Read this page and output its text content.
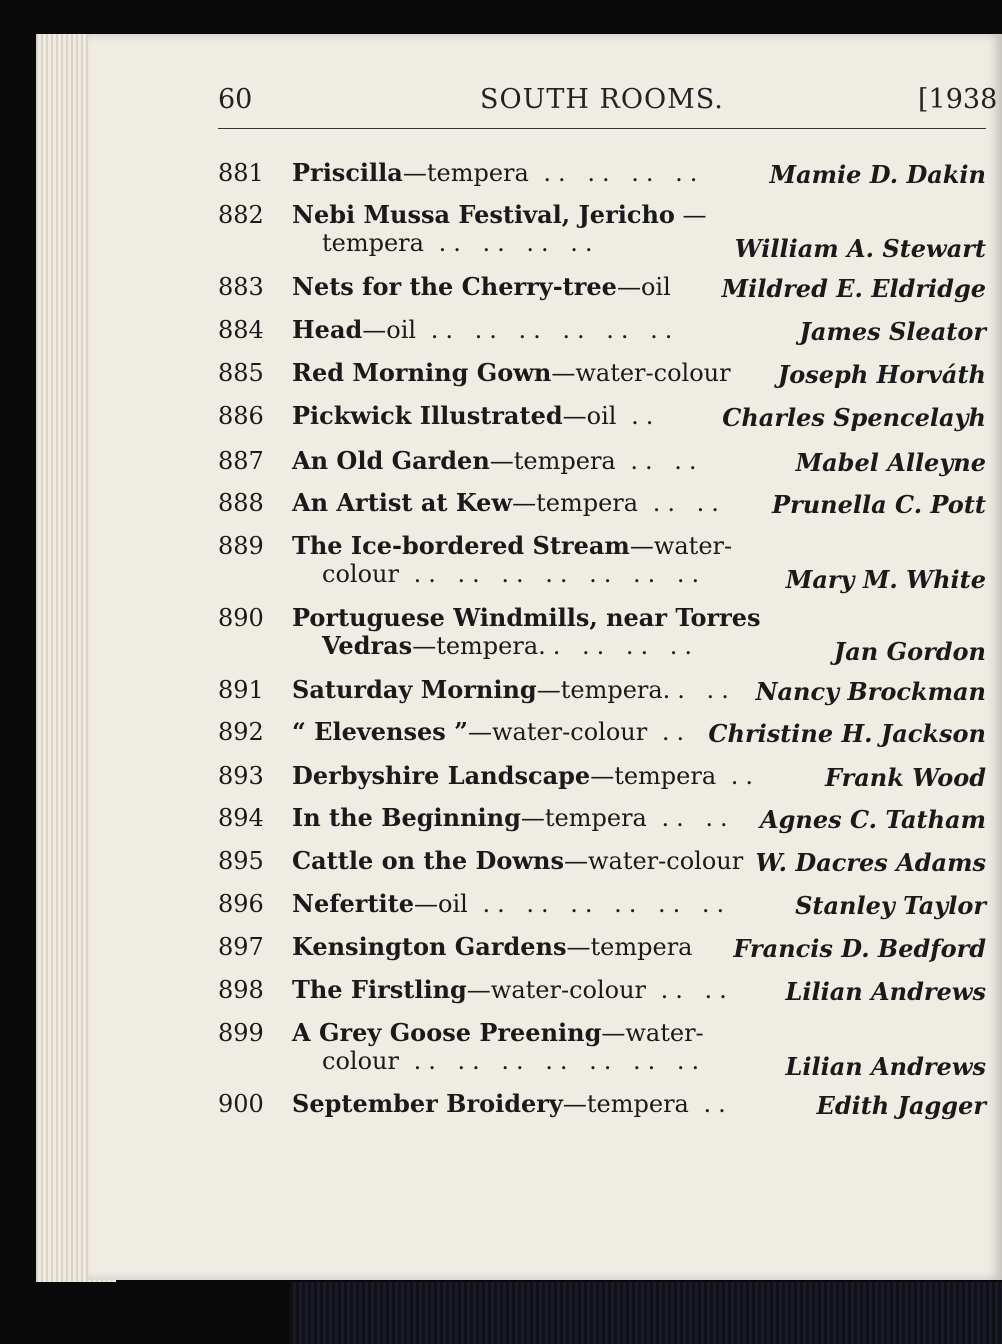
60	SOUTH ROOMS.	[1938
881 Priscilla—tempera .. .. .. ..	Mamie D. Dakin
882 Nebi Mussa Festival, Jericho —
tempera .. .. .. ..	William A. Stewart
883 Nets for the Cherry-tree—oil	Mildred E. Eldridge
884 Head—oil .. .. .. .. .. ..	James Sleator
885 Red Morning Gown—water-colour	Joseph Horváth
886 Pickwick Illustrated—oil ..	Charles Spencelayh
887 An Old Garden—tempera .. ..	Mabel Alleyne
888 An Artist at Kew—tempera .. ..	Prunella C. Pott
889 The Ice-bordered Stream—water-
colour .. .. .. .. .. .. ..	Mary M. White
890 Portuguese Windmills, near Torres
Vedras—tempera.. .. .. ..	Jan Gordon
891 Saturday Morning—tempera.. .. Nancy Brockman
892 “ Elevenses ”—water-colour .. Christine H. Jackson
893 Derbyshire Landscape—tempera ..	Frank Wood
894 In the Beginning—tempera .. ..	Agnes C. Tatham
895 Cattle on the Downs—water-colour W. Dacres Adams
896 Nefertite—oil .. .. .. .. .. ..	Stanley Taylor
897 Kensington Gardens—tempera	Francis D. Bedford
898 The Firstling—water-colour .. ..	Lilian Andrews
899 A Grey Goose Preening—water-
colour .. .. .. .. .. .. ..	Lilian Andrews
900 September Broidery—tempera ..	Edith Jagger
